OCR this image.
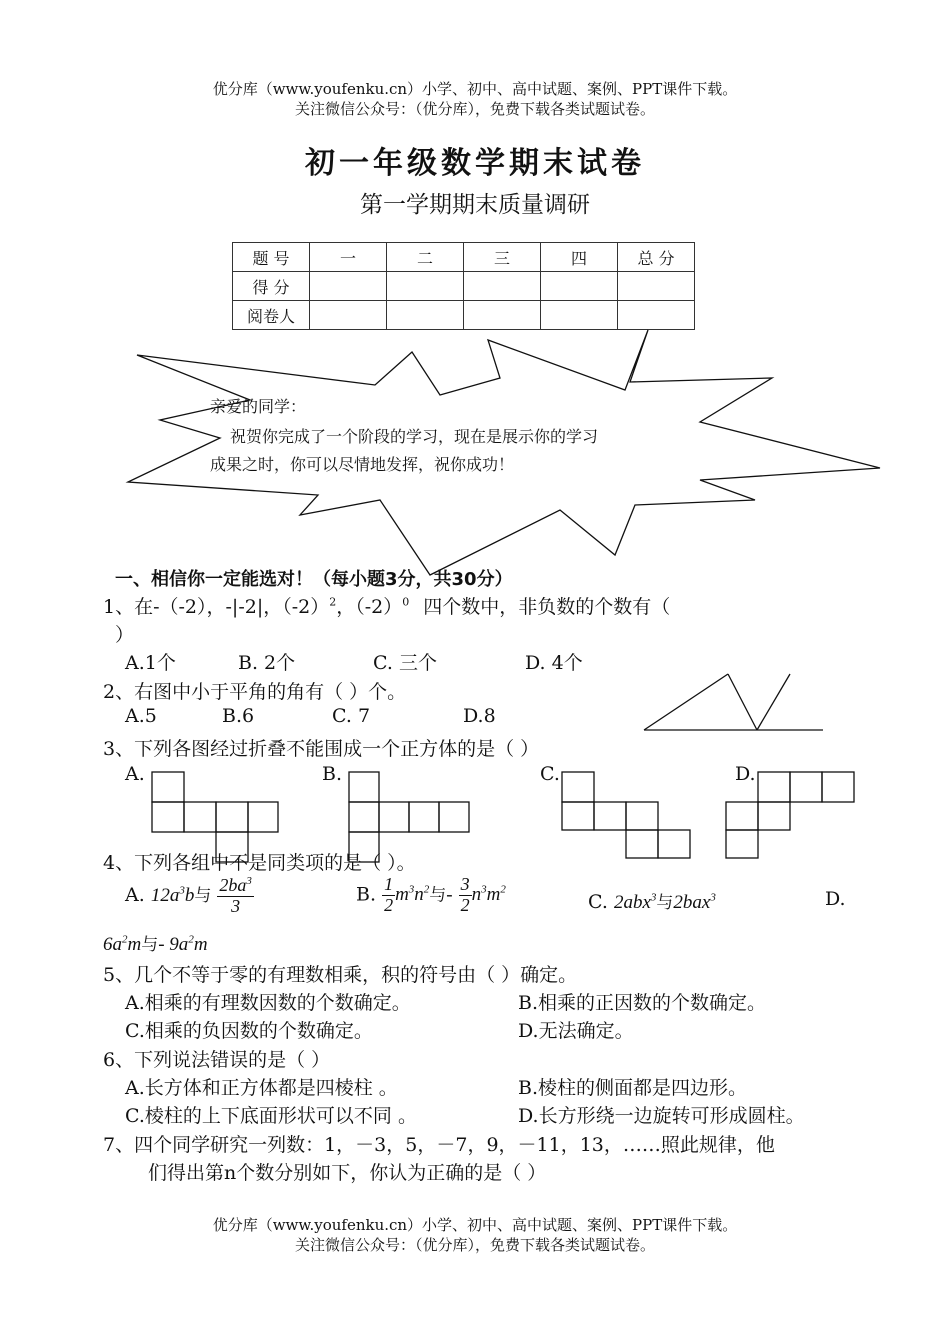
优分库（www.youfenku.cn）小学、初中、高中试题、案例、PPT课件下载。
关注微信公众号：（优分库），免费下载各类试题试卷。
初一年级数学期末试卷
第一学期期末质量调研
题 号	一	二	三	四	总 分
得 分					
阅卷人					
亲爱的同学：
祝贺你完成了一个阶段的学习，现在是展示你的学习
成果之时，你可以尽情地发挥，祝你成功！
一、相信你一定能选对！（每小题3分，共30分）
1、在-（-2），-|-2|，$(-2)^2$，$(-2)^0$ 四个数中，非负数的个数有（
）
A.1个	B. 2个	C. 三个	D. 4个
2、右图中小于平角的角有（ ）个。
A.5	B.6	C. 7	D.8
3、下列各图经过折叠不能围成一个正方体的是（ ）
A.	B.	C.	D.
4、下列各组中不是同类项的是（ ）。
A. $12a^3b$与 $\frac{2ba^3}{3}$	B. $\frac{1}{2} m^3n^2$与- $\frac{3}{2} n^3m^2$
C. 2abx$^3$与2bax$^3$	D.
$6a^2m$与- $9a^2m$
5、几个不等于零的有理数相乘，积的符号由（ ）确定。
A.相乘的有理数因数的个数确定。	B.相乘的正因数的个数确定。
C.相乘的负因数的个数确定。	D.无法确定。
6、下列说法错误的是（ ）
A.长方体和正方体都是四棱柱 。	B.棱柱的侧面都是四边形。
C.棱柱的上下底面形状可以不同 。	D.长方形绕一边旋转可形成圆柱。
7、四个同学研究一列数：1，－3，5，－7，9，－11，13，……照此规律，他
们得出第n个数分别如下，你认为正确的是（ ）
优分库（www.youfenku.cn）小学、初中、高中试题、案例、PPT课件下载。
关注微信公众号：（优分库），免费下载各类试题试卷。
